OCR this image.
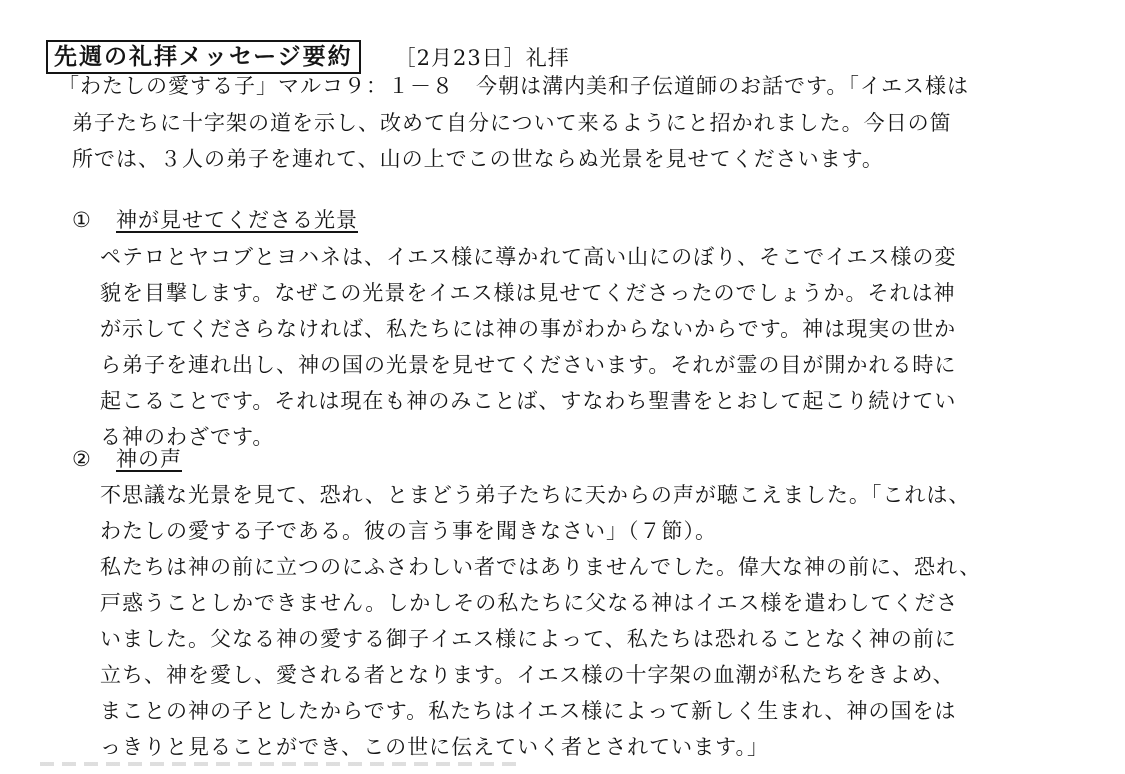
先週の礼拝メッセージ要約	［2月23日］礼拝
「わたしの愛する子」マルコ９：１－８　今朝は溝内美和子伝道師のお話です。「イエス様は
弟子たちに十字架の道を示し、改めて自分について来るようにと招かれました。今日の箇
所では、３人の弟子を連れて、山の上でこの世ならぬ光景を見せてくださいます。
① 神が見せてくださる光景
ペテロとヤコブとヨハネは、イエス様に導かれて高い山にのぼり、そこでイエス様の変
貌を目撃します。なぜこの光景をイエス様は見せてくださったのでしょうか。それは神
が示してくださらなければ、私たちには神の事がわからないからです。神は現実の世か
ら弟子を連れ出し、神の国の光景を見せてくださいます。それが霊の目が開かれる時に
起こることです。それは現在も神のみことば、すなわち聖書をとおして起こり続けてい
る神のわざです。
② 神の声
不思議な光景を見て、恐れ、とまどう弟子たちに天からの声が聴こえました。「これは、
わたしの愛する子である。彼の言う事を聞きなさい」（７節）。
私たちは神の前に立つのにふさわしい者ではありませんでした。偉大な神の前に、恐れ、
戸惑うことしかできません。しかしその私たちに父なる神はイエス様を遣わしてくださ
いました。父なる神の愛する御子イエス様によって、私たちは恐れることなく神の前に
立ち、神を愛し、愛される者となります。イエス様の十字架の血潮が私たちをきよめ、
まことの神の子としたからです。私たちはイエス様によって新しく生まれ、神の国をは
っきりと見ることができ、この世に伝えていく者とされています。」
